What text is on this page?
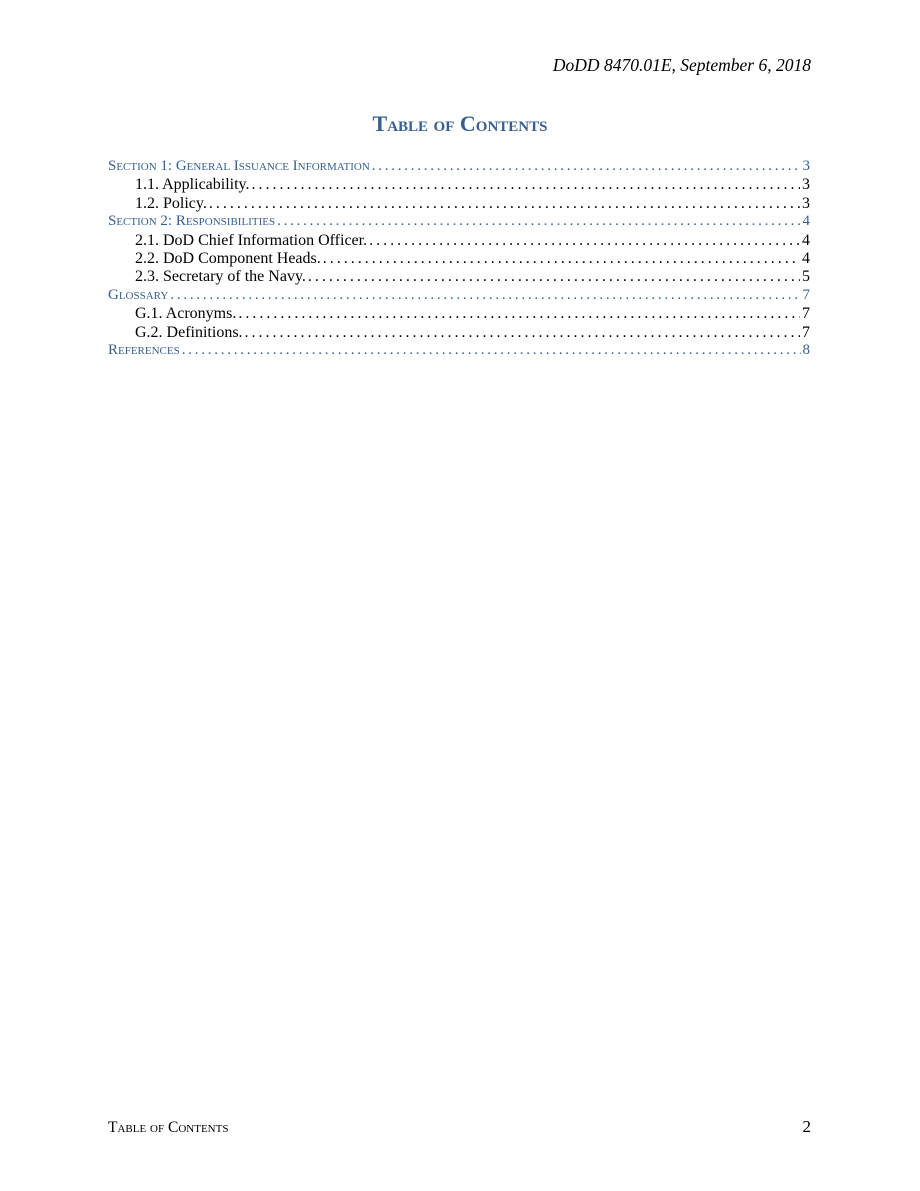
DoDD 8470.01E, September 6, 2018
Table of Contents
Section 1: General Issuance Information . . .	3
1.1. Applicability. . . .	3
1.2. Policy. . . .	3
Section 2: Responsibilities . . .	4
2.1. DoD Chief Information Officer. . . .	4
2.2. DoD Component Heads. . . .	4
2.3. Secretary of the Navy. . . .	5
Glossary . . .	7
G.1. Acronyms. . . .	7
G.2. Definitions. . . .	7
References . . .	8
Table of Contents	2
